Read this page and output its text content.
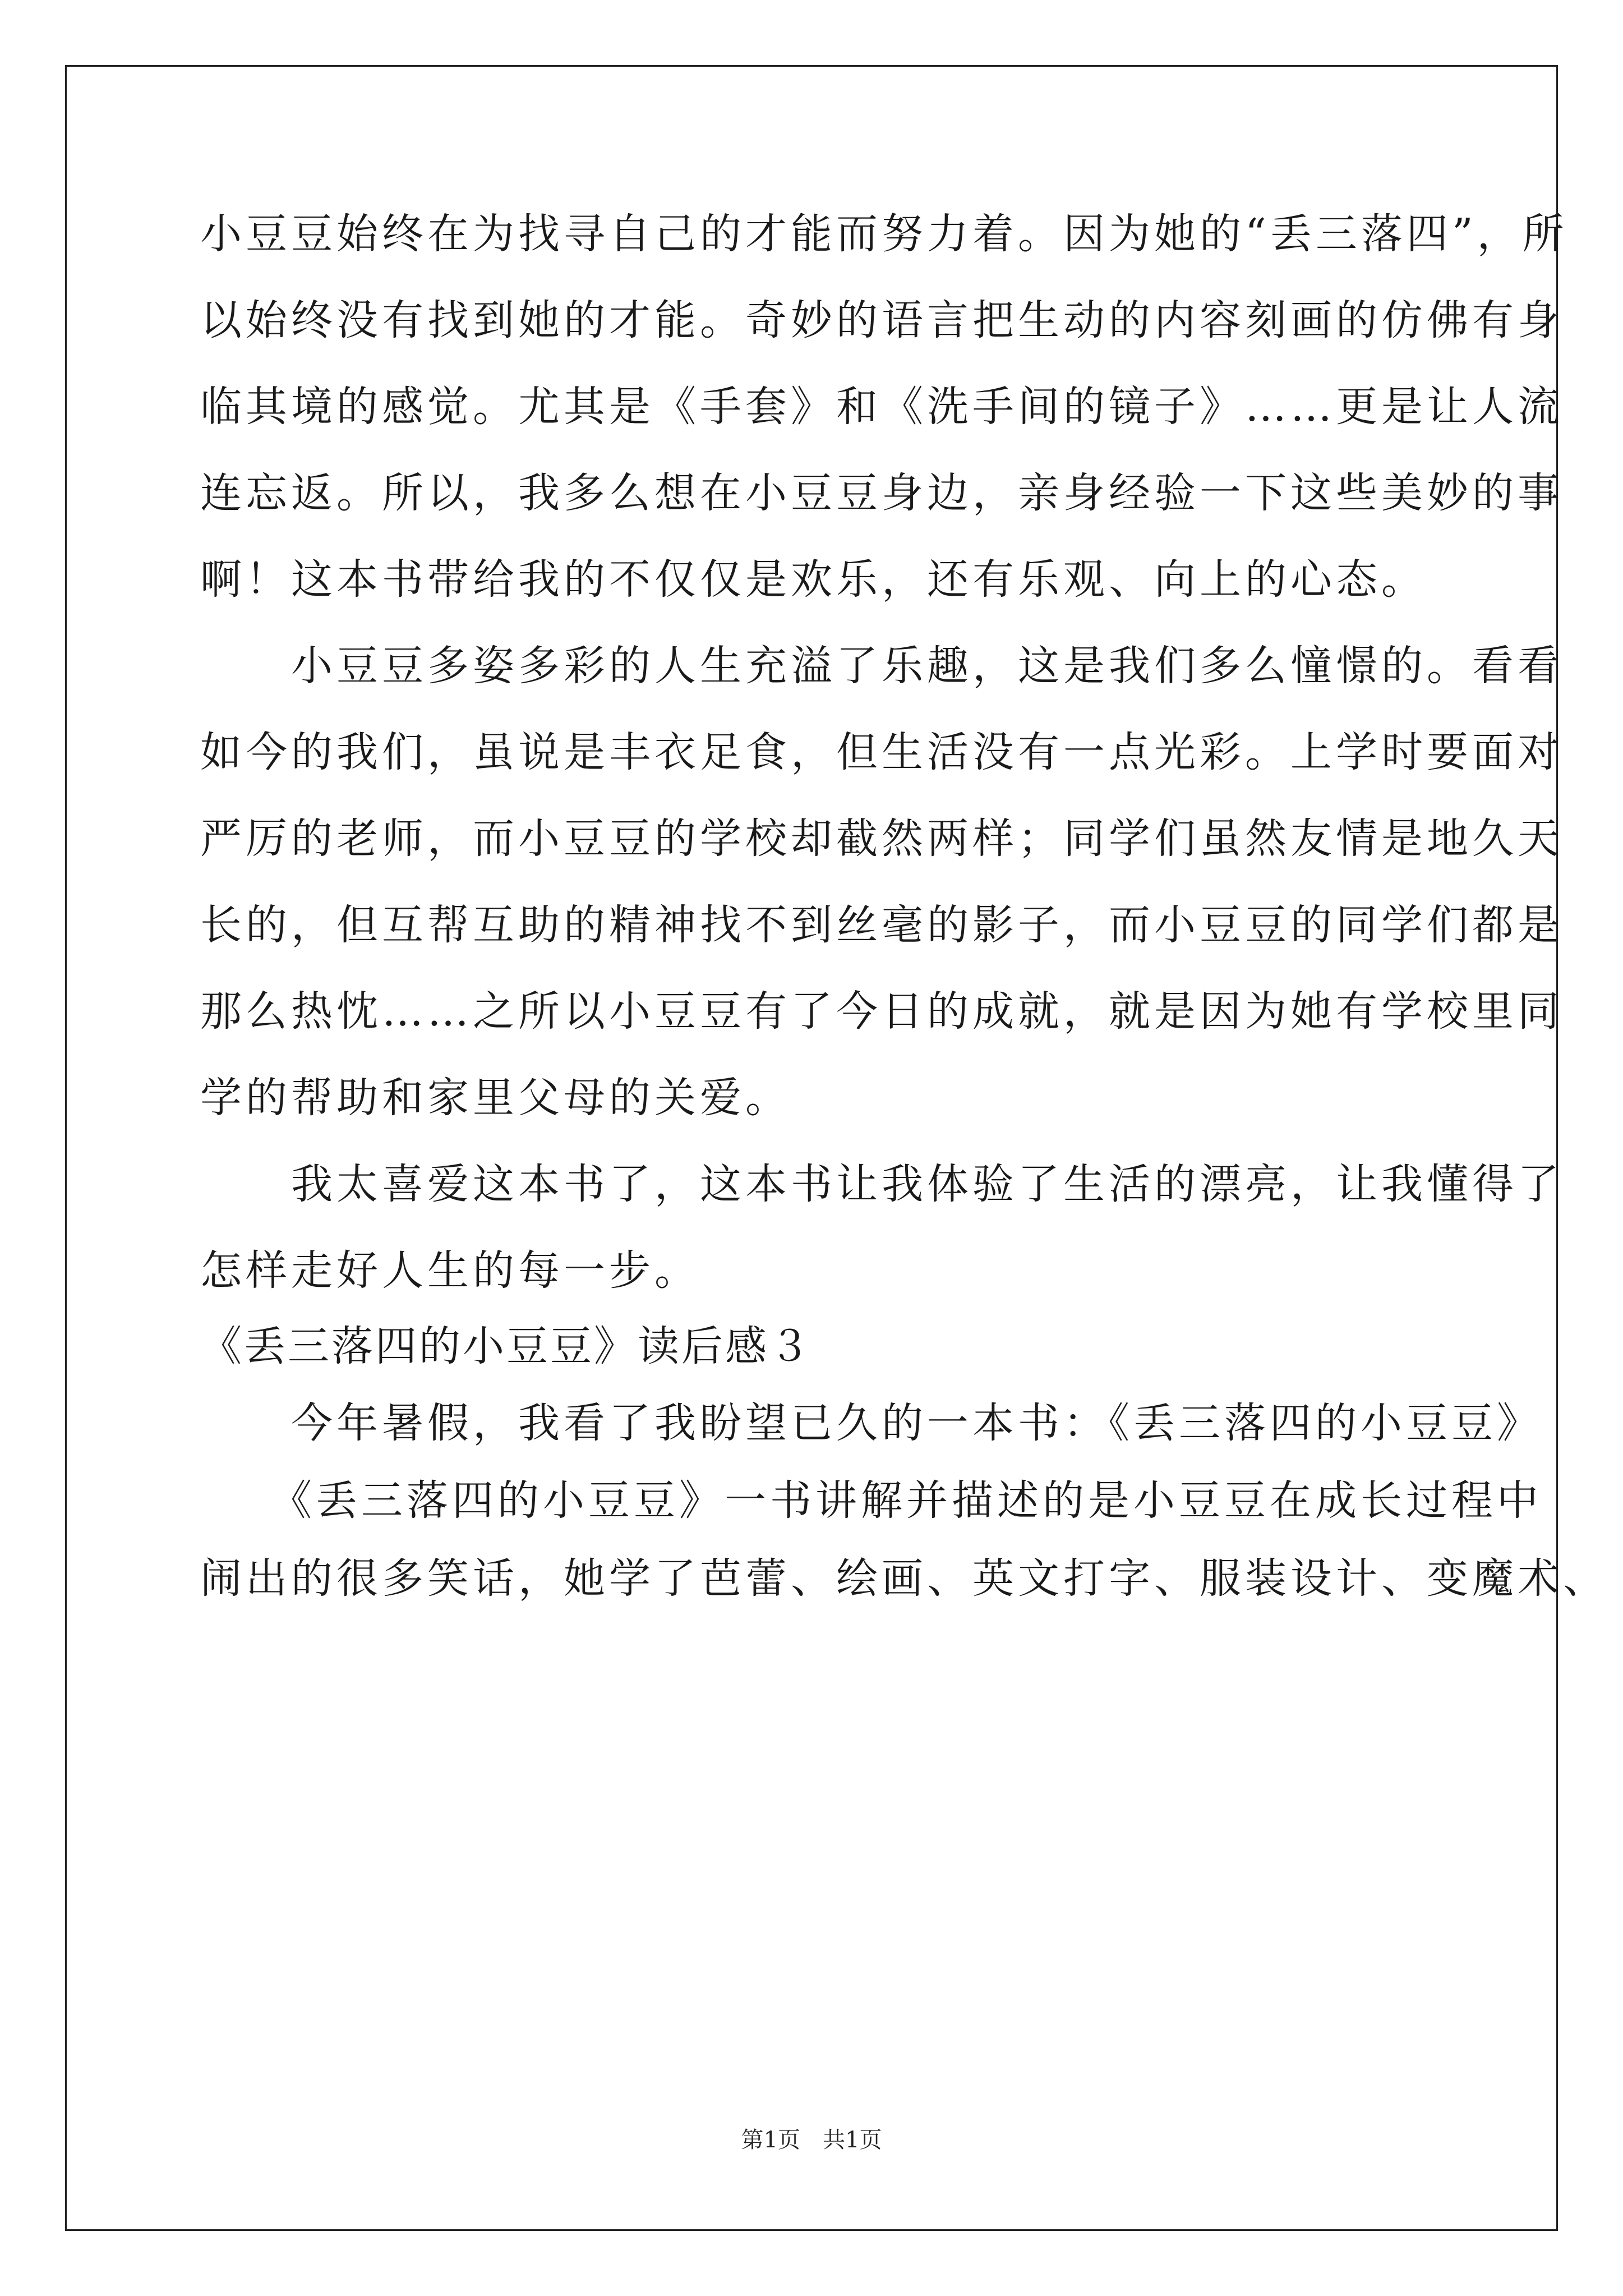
小豆豆始终在为找寻自己的才能而努力着。因为她的“丢三落四”，所
以始终没有找到她的才能。奇妙的语言把生动的内容刻画的仿佛有身
临其境的感觉。尤其是《手套》和《洗手间的镜子》……更是让人流
连忘返。所以，我多么想在小豆豆身边，亲身经验一下这些美妙的事
啊！这本书带给我的不仅仅是欢乐，还有乐观、向上的心态。
　　小豆豆多姿多彩的人生充溢了乐趣，这是我们多么憧憬的。看看
如今的我们，虽说是丰衣足食，但生活没有一点光彩。上学时要面对
严厉的老师，而小豆豆的学校却截然两样；同学们虽然友情是地久天
长的，但互帮互助的精神找不到丝毫的影子，而小豆豆的同学们都是
那么热忱……之所以小豆豆有了今日的成就，就是因为她有学校里同
学的帮助和家里父母的关爱。
　　我太喜爱这本书了，这本书让我体验了生活的漂亮，让我懂得了
怎样走好人生的每一步。
《丢三落四的小豆豆》读后感３
　　今年暑假，我看了我盼望已久的一本书：《丢三落四的小豆豆》
　　《丢三落四的小豆豆》一书讲解并描述的是小豆豆在成长过程中
闹出的很多笑话，她学了芭蕾、绘画、英文打字、服装设计、变魔术、
第1页　共1页
